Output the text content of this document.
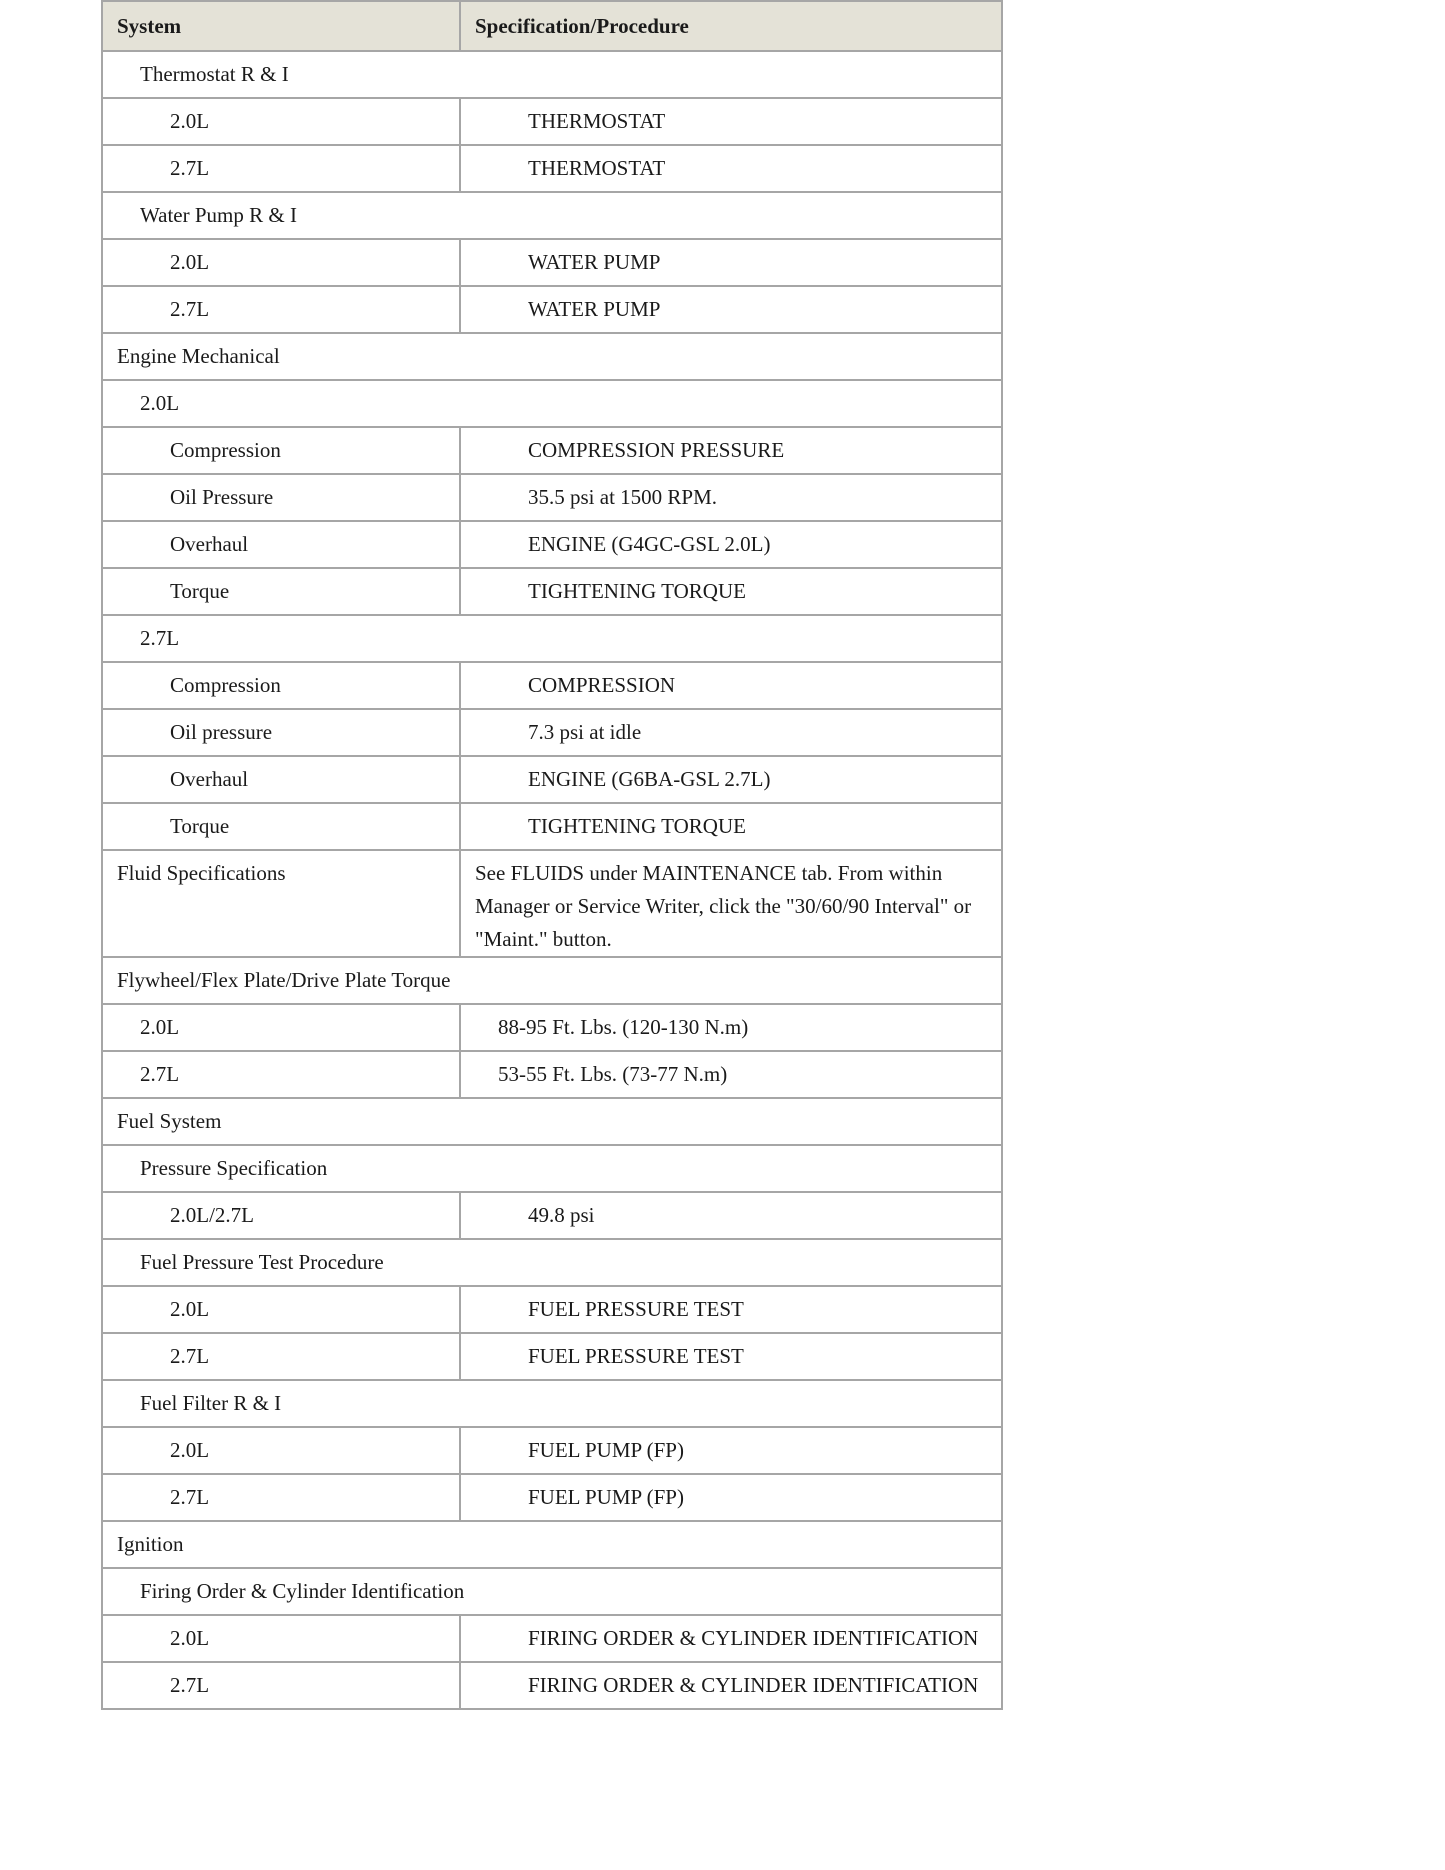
System	Specification/Procedure
Thermostat R & I	
2.0L	THERMOSTAT
2.7L	THERMOSTAT
Water Pump R & I	
2.0L	WATER PUMP
2.7L	WATER PUMP
Engine Mechanical	
2.0L	
Compression	COMPRESSION PRESSURE
Oil Pressure	35.5 psi at 1500 RPM.
Overhaul	ENGINE (G4GC-GSL 2.0L)
Torque	TIGHTENING TORQUE
2.7L	
Compression	COMPRESSION
Oil pressure	7.3 psi at idle
Overhaul	ENGINE (G6BA-GSL 2.7L)
Torque	TIGHTENING TORQUE
Fluid Specifications	See FLUIDS under MAINTENANCE tab. From within Manager or Service Writer, click the "30/60/90 Interval" or "Maint." button.
Flywheel/Flex Plate/Drive Plate Torque	
2.0L	88-95 Ft. Lbs. (120-130 N.m)
2.7L	53-55 Ft. Lbs. (73-77 N.m)
Fuel System	
Pressure Specification	
2.0L/2.7L	49.8 psi
Fuel Pressure Test Procedure	
2.0L	FUEL PRESSURE TEST
2.7L	FUEL PRESSURE TEST
Fuel Filter R & I	
2.0L	FUEL PUMP (FP)
2.7L	FUEL PUMP (FP)
Ignition	
Firing Order & Cylinder Identification	
2.0L	FIRING ORDER & CYLINDER IDENTIFICATION
2.7L	FIRING ORDER & CYLINDER IDENTIFICATION
